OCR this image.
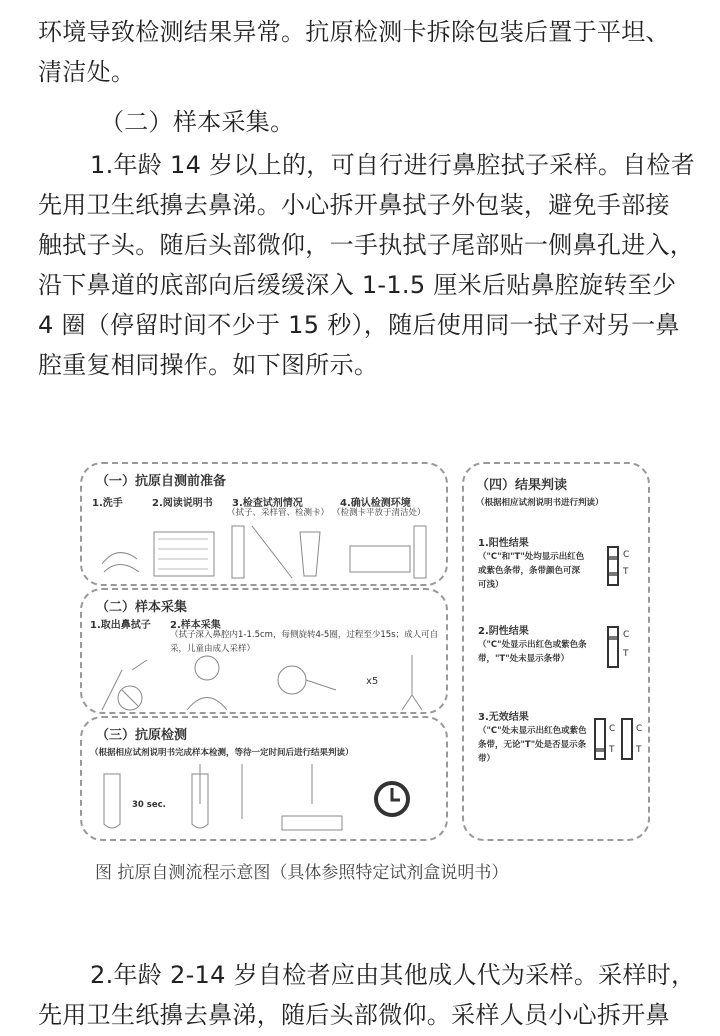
环境导致检测结果异常。抗原检测卡拆除包装后置于平坦、
清洁处。
（二）样本采集。
1.年龄 14 岁以上的，可自行进行鼻腔拭子采样。自检者
先用卫生纸擤去鼻涕。小心拆开鼻拭子外包装，避免手部接
触拭子头。随后头部微仰，一手执拭子尾部贴一侧鼻孔进入，
沿下鼻道的底部向后缓缓深入 1-1.5 厘米后贴鼻腔旋转至少
4 圈（停留时间不少于 15 秒），随后使用同一拭子对另一鼻
腔重复相同操作。如下图所示。
（一）抗原自测前准备
1.洗手	2.阅读说明书 3.检查试剂情况	4.确认检测环境
（拭子、采样管、检测卡） （检测卡平放于清洁处）
（二）样本采集
1.取出鼻拭子 2.样本采集
（拭子深入鼻腔内1-1.5cm，每侧旋转4-5圈，过程至少15s；成人可自采，儿童由成人采样）
x5
（三）抗原检测
（根据相应试剂说明书完成样本检测，等待一定时间后进行结果判读）
30 sec.
（四）结果判读
（根据相应试剂说明书进行判读）
1.阳性结果
（"C"和"T"处均显示出红色或紫色条带，条带颜色可深可浅）
C
T
2.阴性结果
（"C"处显示出红色或紫色条带，"T"处未显示条带）
C
T
3.无效结果
（"C"处未显示出红色或紫色条带，无论"T"处是否显示条带）
C
T
C
T
图 抗原自测流程示意图（具体参照特定试剂盒说明书）
2.年龄 2-14 岁自检者应由其他成人代为采样。采样时，
先用卫生纸擤去鼻涕，随后头部微仰。采样人员小心拆开鼻
